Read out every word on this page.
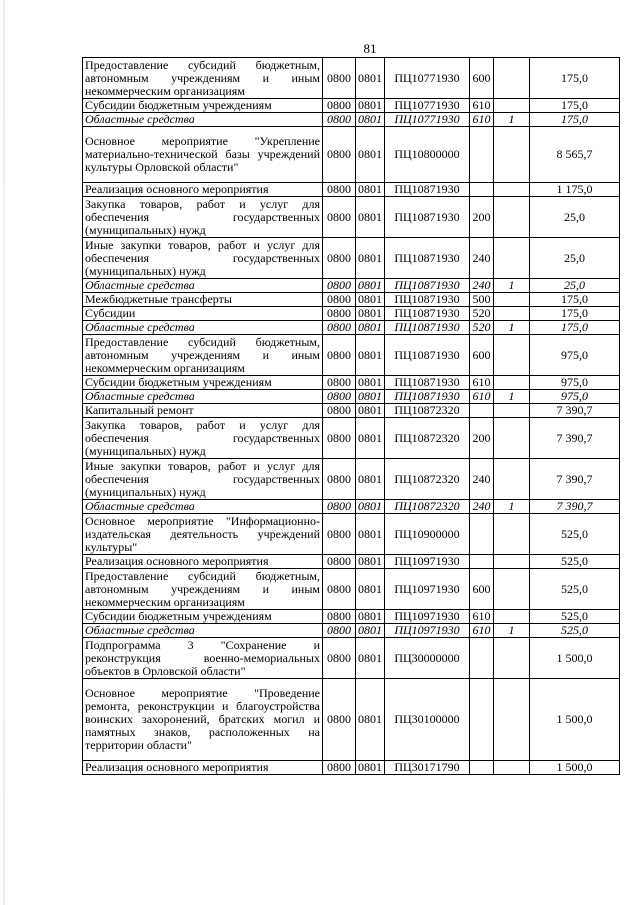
81
Предоставление субсидий бюджетным, автономным учреждениям и иным некоммерческим организациям	0800	0801	ПЦ10771930	600		175,0
Субсидии бюджетным учреждениям	0800	0801	ПЦ10771930	610		175,0
Областные средства	0800	0801	ПЦ10771930	610	1	175,0
Основное мероприятие "Укрепление материально-технической базы учреждений культуры Орловской области"	0800	0801	ПЦ10800000			8 565,7
Реализация основного мероприятия	0800	0801	ПЦ10871930			1 175,0
Закупка товаров, работ и услуг для обеспечения государственных (муниципальных) нужд	0800	0801	ПЦ10871930	200		25,0
Иные закупки товаров, работ и услуг для обеспечения государственных (муниципальных) нужд	0800	0801	ПЦ10871930	240		25,0
Областные средства	0800	0801	ПЦ10871930	240	1	25,0
Межбюджетные трансферты	0800	0801	ПЦ10871930	500		175,0
Субсидии	0800	0801	ПЦ10871930	520		175,0
Областные средства	0800	0801	ПЦ10871930	520	1	175,0
Предоставление субсидий бюджетным, автономным учреждениям и иным некоммерческим организациям	0800	0801	ПЦ10871930	600		975,0
Субсидии бюджетным учреждениям	0800	0801	ПЦ10871930	610		975,0
Областные средства	0800	0801	ПЦ10871930	610	1	975,0
Капитальный ремонт	0800	0801	ПЦ10872320			7 390,7
Закупка товаров, работ и услуг для обеспечения государственных (муниципальных) нужд	0800	0801	ПЦ10872320	200		7 390,7
Иные закупки товаров, работ и услуг для обеспечения государственных (муниципальных) нужд	0800	0801	ПЦ10872320	240		7 390,7
Областные средства	0800	0801	ПЦ10872320	240	1	7 390,7
Основное мероприятие "Информационно-издательская деятельность учреждений культуры"	0800	0801	ПЦ10900000			525,0
Реализация основного мероприятия	0800	0801	ПЦ10971930			525,0
Предоставление субсидий бюджетным, автономным учреждениям и иным некоммерческим организациям	0800	0801	ПЦ10971930	600		525,0
Субсидии бюджетным учреждениям	0800	0801	ПЦ10971930	610		525,0
Областные средства	0800	0801	ПЦ10971930	610	1	525,0
Подпрограмма 3 "Сохранение и реконструкция военно-мемориальных объектов в Орловской области"	0800	0801	ПЦ30000000			1 500,0
Основное мероприятие "Проведение ремонта, реконструкции и благоустройства воинских захоронений, братских могил и памятных знаков, расположенных на территории области"	0800	0801	ПЦ30100000			1 500,0
Реализация основного мероприятия	0800	0801	ПЦ30171790			1 500,0
